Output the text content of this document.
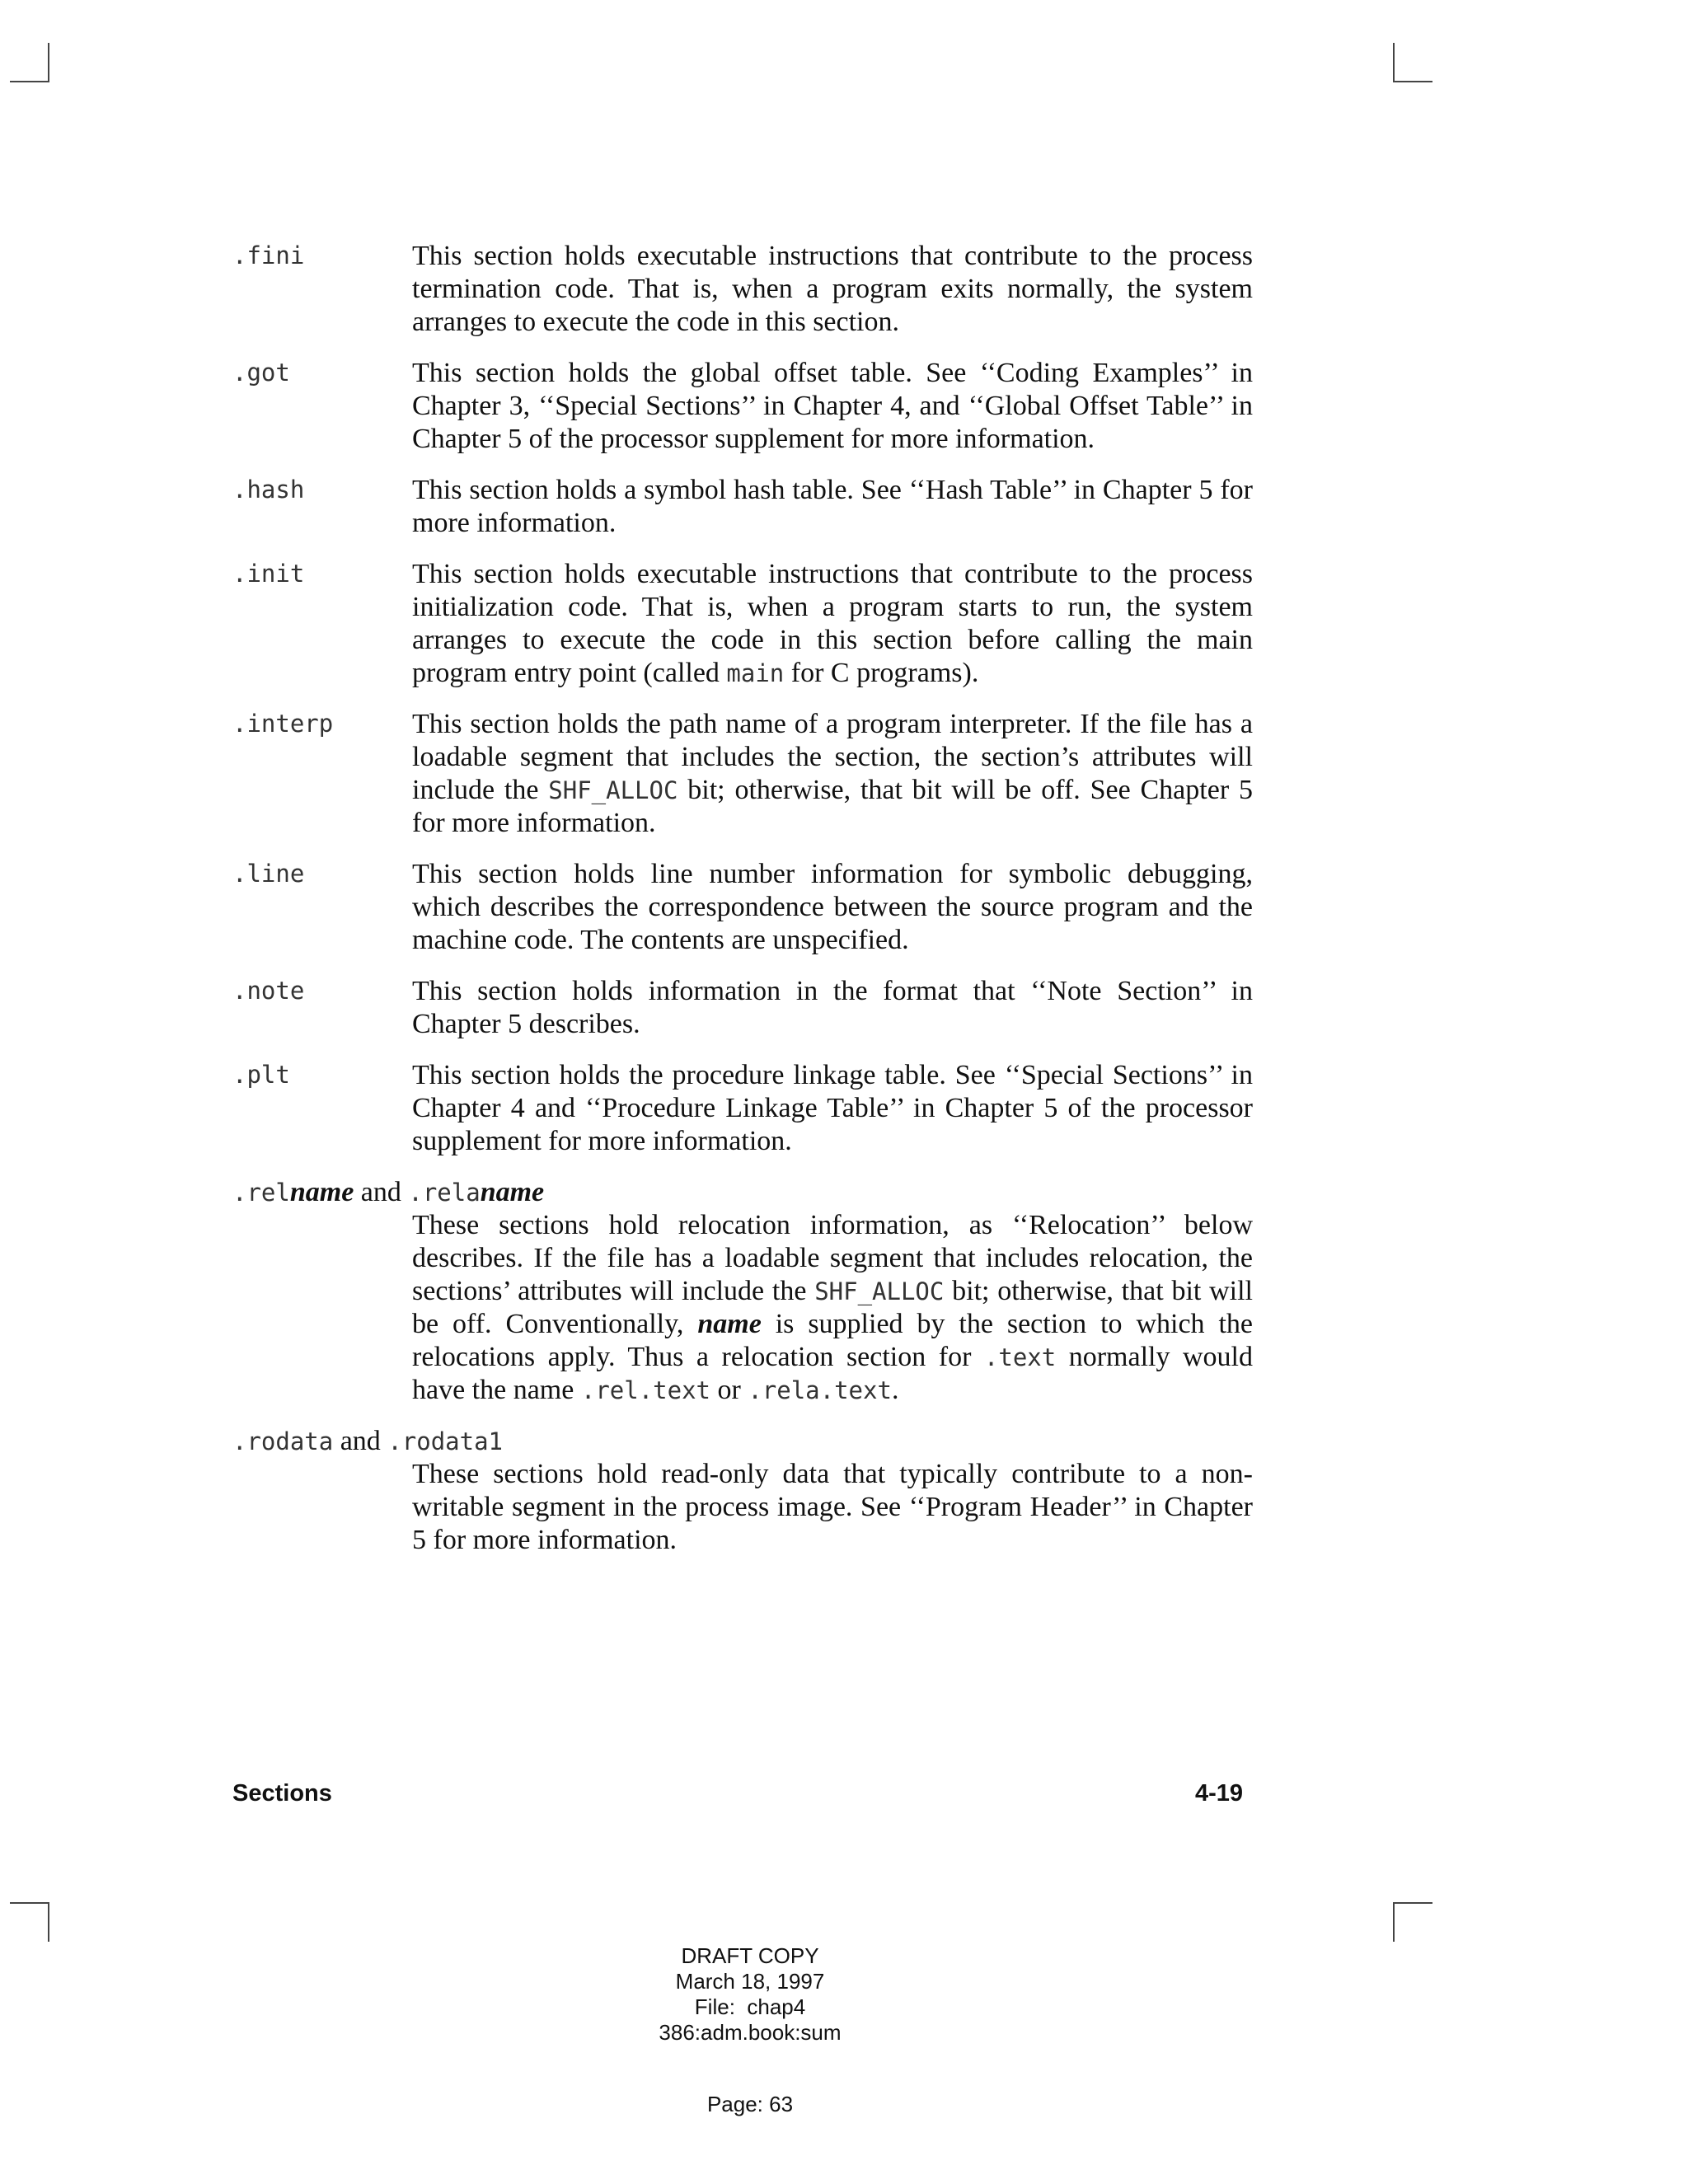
.fini	This section holds executable instructions that contribute to the process termination code. That is, when a program exits normally, the system arranges to execute the code in this section.
.got	This section holds the global offset table. See ‘‘Coding Examples’’ in Chapter 3, ‘‘Special Sections’’ in Chapter 4, and ‘‘Global Offset Table’’ in Chapter 5 of the processor supplement for more information.
.hash	This section holds a symbol hash table. See ‘‘Hash Table’’ in Chapter 5 for more information.
.init	This section holds executable instructions that contribute to the process initialization code. That is, when a program starts to run, the system arranges to execute the code in this section before calling the main program entry point (called main for C programs).
.interp	This section holds the path name of a program interpreter. If the file has a loadable segment that includes the section, the section’s attributes will include the SHF_ALLOC bit; otherwise, that bit will be off. See Chapter 5 for more information.
.line	This section holds line number information for symbolic debugging, which describes the correspondence between the source program and the machine code. The contents are unspecified.
.note	This section holds information in the format that ‘‘Note Section’’ in Chapter 5 describes.
.plt	This section holds the procedure linkage table. See ‘‘Special Sections’’ in Chapter 4 and ‘‘Procedure Linkage Table’’ in Chapter 5 of the processor supplement for more information.
.relname and .relaname
These sections hold relocation information, as ‘‘Relocation’’ below describes. If the file has a loadable segment that includes relocation, the sections’ attributes will include the SHF_ALLOC bit; otherwise, that bit will be off. Conventionally, name is supplied by the section to which the relocations apply. Thus a relocation section for .text normally would have the name .rel.text or .rela.text.
.rodata and .rodata1
These sections hold read-only data that typically contribute to a non-writable segment in the process image. See ‘‘Program Header’’ in Chapter 5 for more information.
Sections	4-19
DRAFT COPY
March 18, 1997
File:  chap4
386:adm.book:sum
Page: 63
